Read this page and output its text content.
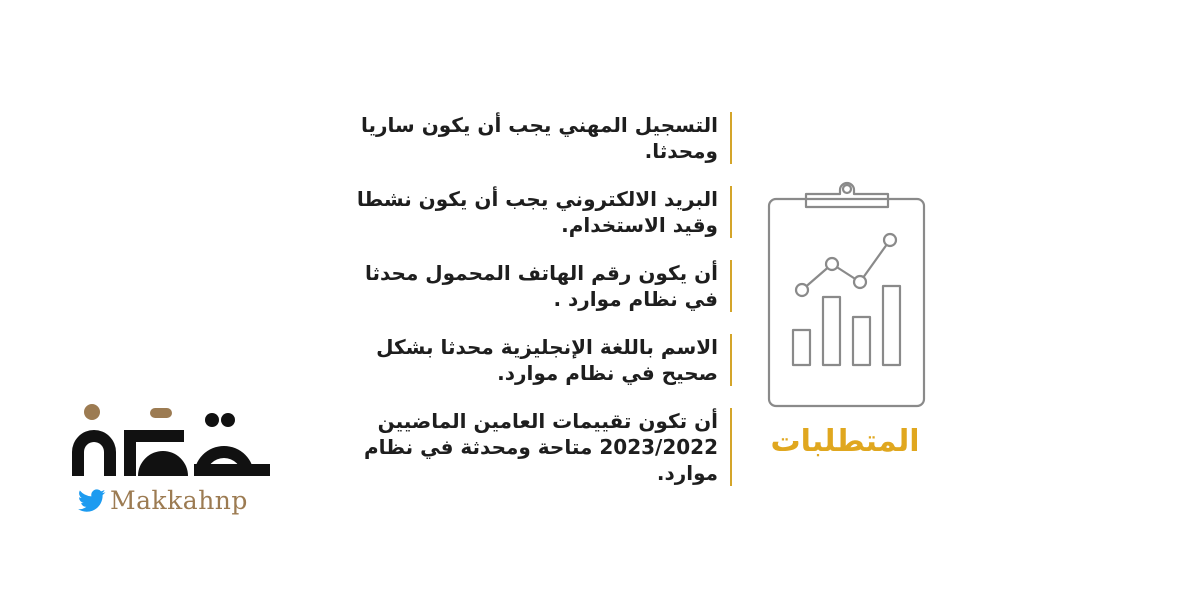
التسجيل المهني يجب أن يكون ساريا
ومحدثا.
البريد الالكتروني يجب أن يكون نشطا
وقيد الاستخدام.
أن يكون رقم الهاتف المحمول محدثا
في نظام موارد .
الاسم باللغة الإنجليزية محدثا بشكل
صحيح في نظام موارد.
أن تكون تقييمات العامين الماضيين
2023/2022 متاحة ومحدثة في نظام
موارد.
المتطلبات
Makkahnp
